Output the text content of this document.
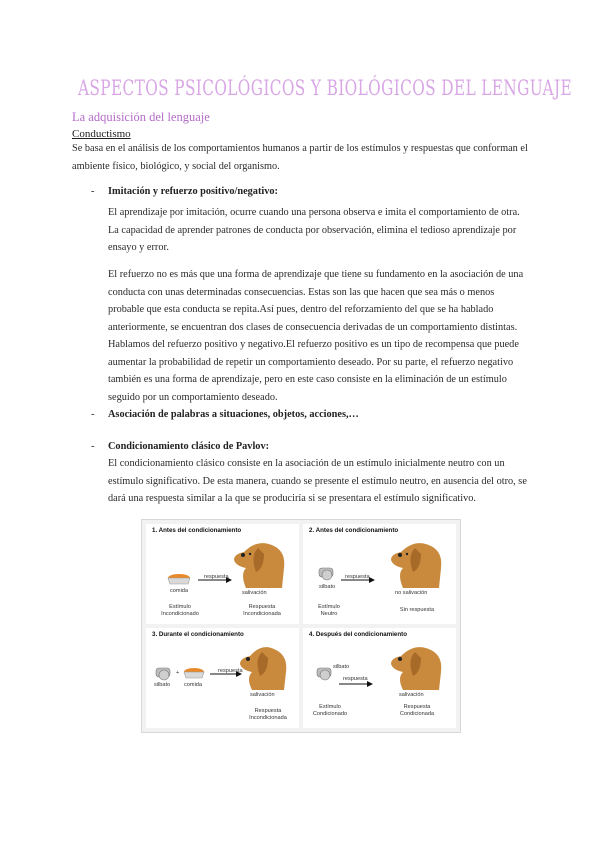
ASPECTOS PSICOLÓGICOS Y BIOLÓGICOS DEL LENGUAJE
La adquisición del lenguaje
Conductismo
Se basa en el análisis de los comportamientos humanos a partir de los estímulos y respuestas que conforman el
ambiente físico, biológico, y social del organismo.
- Imitación y refuerzo positivo/negativo:
El aprendizaje por imitación, ocurre cuando una persona observa e imita el comportamiento de otra.
La capacidad de aprender patrones de conducta por observación, elimina el tedioso aprendizaje por
ensayo y error.
El refuerzo no es más que una forma de aprendizaje que tiene su fundamento en la asociación de una
conducta con unas determinadas consecuencias. Estas son las que hacen que sea más o menos
probable que esta conducta se repita.Así pues, dentro del reforzamiento del que se ha hablado
anteriormente, se encuentran dos clases de consecuencia derivadas de un comportamiento distintas.
Hablamos del refuerzo positivo y negativo.El refuerzo positivo es un tipo de recompensa que puede
aumentar la probabilidad de repetir un comportamiento deseado. Por su parte, el refuerzo negativo
también es una forma de aprendizaje, pero en este caso consiste en la eliminación de un estímulo
seguido por un comportamiento deseado.
- Asociación de palabras a situaciones, objetos, acciones,…
- Condicionamiento clásico de Pavlov:
El condicionamiento clásico consiste en la asociación de un estímulo inicialmente neutro con un
estímulo significativo. De esta manera, cuando se presente el estímulo neutro, en ausencia del otro, se
dará una respuesta similar a la que se produciría si se presentara el estímulo significativo.
1. Antes del condicionamiento
comida
respuesta
salivación
Estímulo
Incondicionado
Respuesta
Incondicionada
2. Antes del condicionamiento
silbato
respuesta
no salivación
Estímulo
Neutro
Sin respuesta
3. Durante el condicionamiento
+
silbato comida
respuesta
salivación
Respuesta
Incondicionada
4. Después del condicionamiento
silbato
respuesta
salivación
Estímulo
Condicionado
Respuesta
Condicionada
